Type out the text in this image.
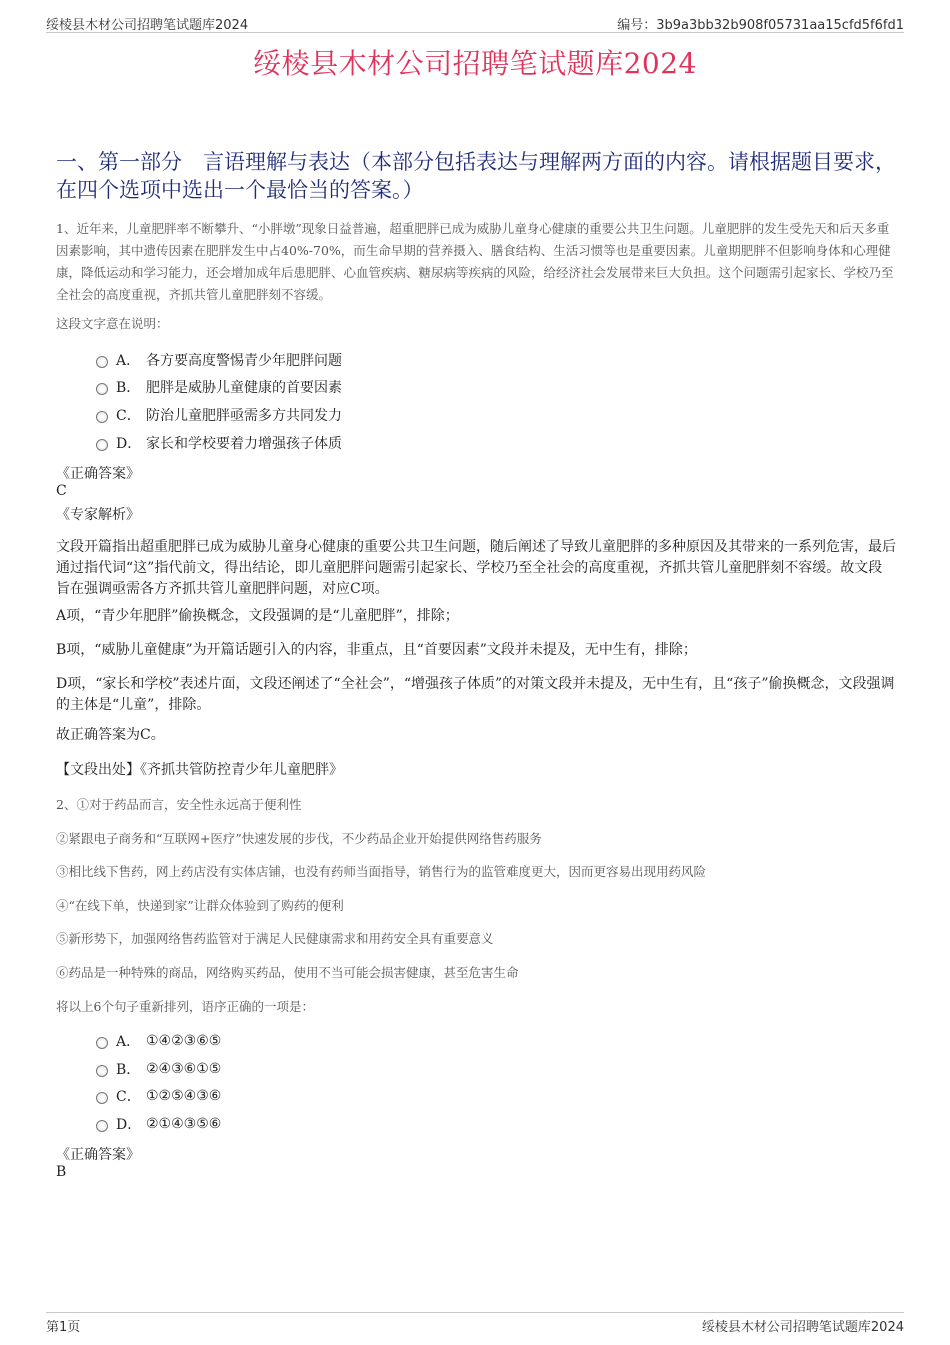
绥棱县木材公司招聘笔试题库2024	编号：3b9a3bb32b908f05731aa15cfd5f6fd1
绥棱县木材公司招聘笔试题库2024
一、第一部分　言语理解与表达（本部分包括表达与理解两方面的内容。请根据题目要求，在四个选项中选出一个最恰当的答案。）
1、近年来，儿童肥胖率不断攀升、“小胖墩”现象日益普遍，超重肥胖已成为威胁儿童身心健康的重要公共卫生问题。儿童肥胖的发生受先天和后天多重因素影响，其中遗传因素在肥胖发生中占40%-70%，而生命早期的营养摄入、膳食结构、生活习惯等也是重要因素。儿童期肥胖不但影响身体和心理健康，降低运动和学习能力，还会增加成年后患肥胖、心血管疾病、糖尿病等疾病的风险，给经济社会发展带来巨大负担。这个问题需引起家长、学校乃至全社会的高度重视，齐抓共管儿童肥胖刻不容缓。
这段文字意在说明：
A． 各方要高度警惕青少年肥胖问题
B． 肥胖是威胁儿童健康的首要因素
C． 防治儿童肥胖亟需多方共同发力
D． 家长和学校要着力增强孩子体质
《正确答案》
C
《专家解析》
文段开篇指出超重肥胖已成为威胁儿童身心健康的重要公共卫生问题，随后阐述了导致儿童肥胖的多种原因及其带来的一系列危害，最后通过指代词“这”指代前文，得出结论，即儿童肥胖问题需引起家长、学校乃至全社会的高度重视，齐抓共管儿童肥胖刻不容缓。故文段旨在强调亟需各方齐抓共管儿童肥胖问题，对应C项。
A项，“青少年肥胖”偷换概念，文段强调的是“儿童肥胖”，排除；
B项，“威胁儿童健康”为开篇话题引入的内容，非重点，且“首要因素”文段并未提及，无中生有，排除；
D项，“家长和学校”表述片面，文段还阐述了“全社会”，“增强孩子体质”的对策文段并未提及，无中生有，且“孩子”偷换概念，文段强调的主体是“儿童”，排除。
故正确答案为C。
【文段出处】《齐抓共管防控青少年儿童肥胖》
2、①对于药品而言，安全性永远高于便利性
②紧跟电子商务和“互联网+医疗”快速发展的步伐，不少药品企业开始提供网络售药服务
③相比线下售药，网上药店没有实体店铺，也没有药师当面指导，销售行为的监管难度更大，因而更容易出现用药风险
④“在线下单，快递到家”让群众体验到了购药的便利
⑤新形势下，加强网络售药监管对于满足人民健康需求和用药安全具有重要意义
⑥药品是一种特殊的商品，网络购买药品，使用不当可能会损害健康，甚至危害生命
将以上6个句子重新排列，语序正确的一项是：
A． ①④②③⑥⑤
B． ②④③⑥①⑤
C． ①②⑤④③⑥
D． ②①④③⑤⑥
《正确答案》
B
第1页	绥棱县木材公司招聘笔试题库2024
